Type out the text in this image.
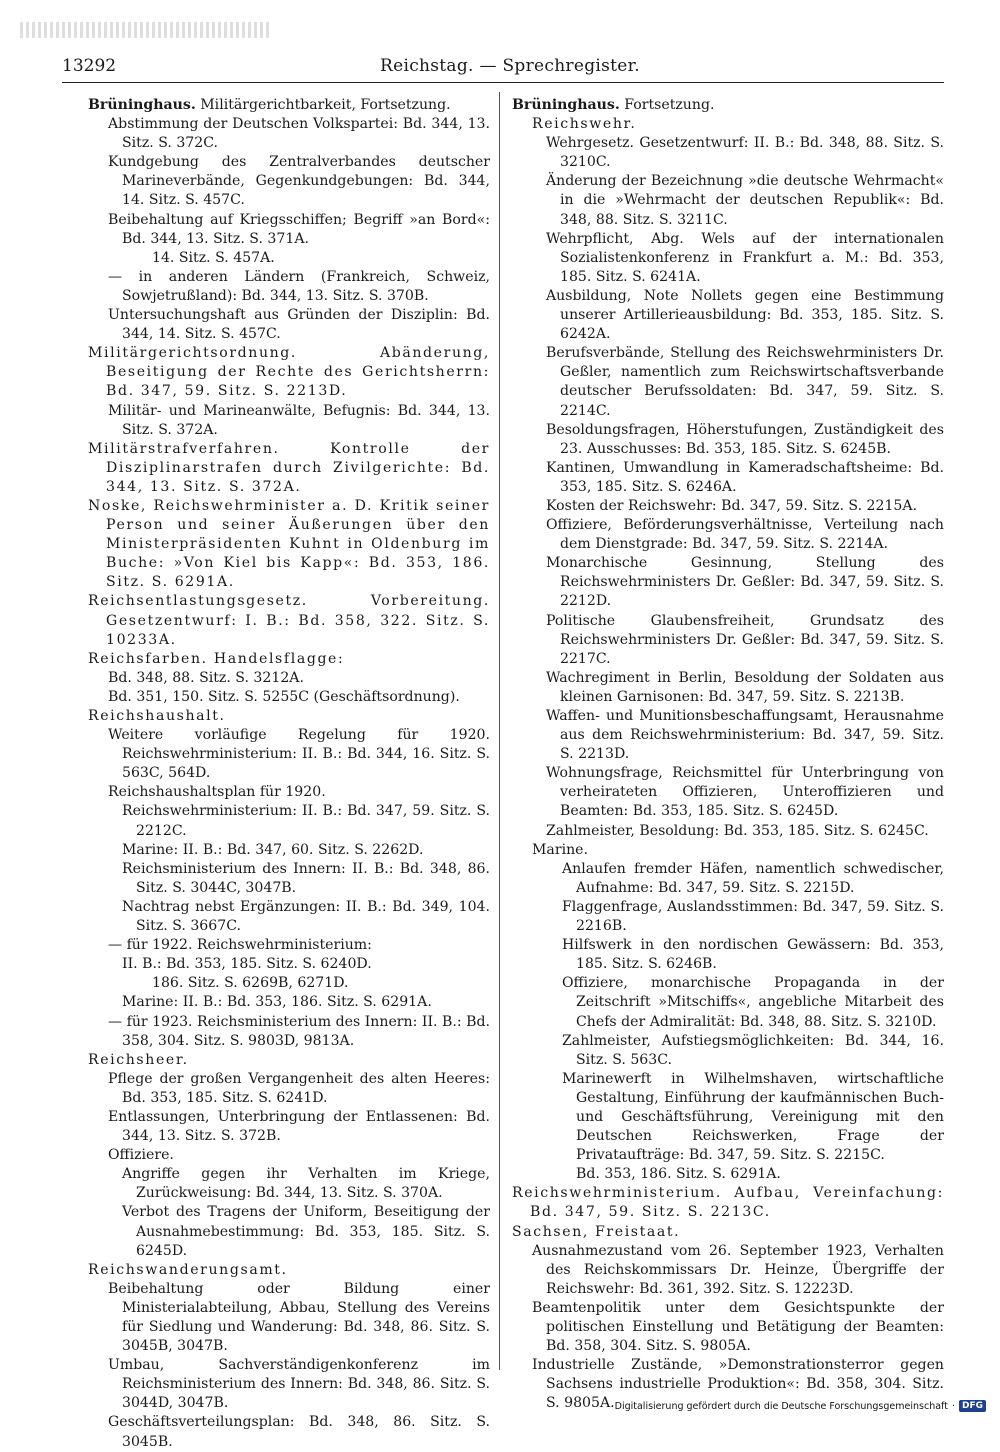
13292	Reichstag. — Sprechregister.

Brüninghaus. Militärgerichtbarkeit, Fortsetzung.

Abstimmung der Deutschen Volkspartei: Bd. 344, 13. Sitz. S. 372C.

Kundgebung des Zentralverbandes deutscher Marineverbände, Gegenkundgebungen: Bd. 344, 14. Sitz. S. 457C.

Beibehaltung auf Kriegsschiffen; Begriff »an Bord«: Bd. 344, 13. Sitz. S. 371A.

14. Sitz. S. 457A.

— in anderen Ländern (Frankreich, Schweiz, Sowjetrußland): Bd. 344, 13. Sitz. S. 370B.

Untersuchungshaft aus Gründen der Disziplin: Bd. 344, 14. Sitz. S. 457C.

Militärgerichtsordnung. Abänderung, Beseitigung der Rechte des Gerichtsherrn: Bd. 347, 59. Sitz. S. 2213D.

Militär- und Marineanwälte, Befugnis: Bd. 344, 13. Sitz. S. 372A.

Militärstrafverfahren. Kontrolle der Disziplinarstrafen durch Zivilgerichte: Bd. 344, 13. Sitz. S. 372A.

Noske, Reichswehrminister a. D. Kritik seiner Person und seiner Äußerungen über den Ministerpräsidenten Kuhnt in Oldenburg im Buche: »Von Kiel bis Kapp«: Bd. 353, 186. Sitz. S. 6291A.

Reichsentlastungsgesetz. Vorbereitung. Gesetzentwurf: I. B.: Bd. 358, 322. Sitz. S. 10233A.

Reichsfarben. Handelsflagge:

Bd. 348, 88. Sitz. S. 3212A.

Bd. 351, 150. Sitz. S. 5255C (Geschäftsordnung).

Reichshaushalt.

Weitere vorläufige Regelung für 1920. Reichswehrministerium: II. B.: Bd. 344, 16. Sitz. S. 563C, 564D.

Reichshaushaltsplan für 1920.

Reichswehrministerium: II. B.: Bd. 347, 59. Sitz. S. 2212C.

Marine: II. B.: Bd. 347, 60. Sitz. S. 2262D.

Reichsministerium des Innern: II. B.: Bd. 348, 86. Sitz. S. 3044C, 3047B.

Nachtrag nebst Ergänzungen: II. B.: Bd. 349, 104. Sitz. S. 3667C.

— für 1922. Reichswehrministerium:

II. B.: Bd. 353, 185. Sitz. S. 6240D.

186. Sitz. S. 6269B, 6271D.

Marine: II. B.: Bd. 353, 186. Sitz. S. 6291A.

— für 1923. Reichsministerium des Innern: II. B.: Bd. 358, 304. Sitz. S. 9803D, 9813A.

Reichsheer.

Pflege der großen Vergangenheit des alten Heeres: Bd. 353, 185. Sitz. S. 6241D.

Entlassungen, Unterbringung der Entlassenen: Bd. 344, 13. Sitz. S. 372B.

Offiziere.

Angriffe gegen ihr Verhalten im Kriege, Zurückweisung: Bd. 344, 13. Sitz. S. 370A.

Verbot des Tragens der Uniform, Beseitigung der Ausnahmebestimmung: Bd. 353, 185. Sitz. S. 6245D.

Reichswanderungsamt.

Beibehaltung oder Bildung einer Ministerialabteilung, Abbau, Stellung des Vereins für Siedlung und Wanderung: Bd. 348, 86. Sitz. S. 3045B, 3047B.

Umbau, Sachverständigenkonferenz im Reichsministerium des Innern: Bd. 348, 86. Sitz. S. 3044D, 3047B.

Geschäftsverteilungsplan: Bd. 348, 86. Sitz. S. 3045B.

Brüninghaus. Fortsetzung.

Reichswehr.

Wehrgesetz. Gesetzentwurf: II. B.: Bd. 348, 88. Sitz. S. 3210C.

Änderung der Bezeichnung »die deutsche Wehrmacht« in die »Wehrmacht der deutschen Republik«: Bd. 348, 88. Sitz. S. 3211C.

Wehrpflicht, Abg. Wels auf der internationalen Sozialistenkonferenz in Frankfurt a. M.: Bd. 353, 185. Sitz. S. 6241A.

Ausbildung, Note Nollets gegen eine Bestimmung unserer Artillerieausbildung: Bd. 353, 185. Sitz. S. 6242A.

Berufsverbände, Stellung des Reichswehrministers Dr. Geßler, namentlich zum Reichswirtschaftsverbande deutscher Berufssoldaten: Bd. 347, 59. Sitz. S. 2214C.

Besoldungsfragen, Höherstufungen, Zuständigkeit des 23. Ausschusses: Bd. 353, 185. Sitz. S. 6245B.

Kantinen, Umwandlung in Kameradschaftsheime: Bd. 353, 185. Sitz. S. 6246A.

Kosten der Reichswehr: Bd. 347, 59. Sitz. S. 2215A.

Offiziere, Beförderungsverhältnisse, Verteilung nach dem Dienstgrade: Bd. 347, 59. Sitz. S. 2214A.

Monarchische Gesinnung, Stellung des Reichswehrministers Dr. Geßler: Bd. 347, 59. Sitz. S. 2212D.

Politische Glaubensfreiheit, Grundsatz des Reichswehrministers Dr. Geßler: Bd. 347, 59. Sitz. S. 2217C.

Wachregiment in Berlin, Besoldung der Soldaten aus kleinen Garnisonen: Bd. 347, 59. Sitz. S. 2213B.

Waffen- und Munitionsbeschaffungsamt, Herausnahme aus dem Reichswehrministerium: Bd. 347, 59. Sitz. S. 2213D.

Wohnungsfrage, Reichsmittel für Unterbringung von verheirateten Offizieren, Unteroffizieren und Beamten: Bd. 353, 185. Sitz. S. 6245D.

Zahlmeister, Besoldung: Bd. 353, 185. Sitz. S. 6245C.

Marine.

Anlaufen fremder Häfen, namentlich schwedischer, Aufnahme: Bd. 347, 59. Sitz. S. 2215D.

Flaggenfrage, Auslandsstimmen: Bd. 347, 59. Sitz. S. 2216B.

Hilfswerk in den nordischen Gewässern: Bd. 353, 185. Sitz. S. 6246B.

Offiziere, monarchische Propaganda in der Zeitschrift »Mitschiffs«, angebliche Mitarbeit des Chefs der Admiralität: Bd. 348, 88. Sitz. S. 3210D.

Zahlmeister, Aufstiegsmöglichkeiten: Bd. 344, 16. Sitz. S. 563C.

Marinewerft in Wilhelmshaven, wirtschaftliche Gestaltung, Einführung der kaufmännischen Buch- und Geschäftsführung, Vereinigung mit den Deutschen Reichswerken, Frage der Privataufträge: Bd. 347, 59. Sitz. S. 2215C.

Bd. 353, 186. Sitz. S. 6291A.

Reichswehrministerium. Aufbau, Vereinfachung: Bd. 347, 59. Sitz. S. 2213C.

Sachsen, Freistaat.

Ausnahmezustand vom 26. September 1923, Verhalten des Reichskommissars Dr. Heinze, Übergriffe der Reichswehr: Bd. 361, 392. Sitz. S. 12223D.

Beamtenpolitik unter dem Gesichtspunkte der politischen Einstellung und Betätigung der Beamten: Bd. 358, 304. Sitz. S. 9805A.

Industrielle Zustände, »Demonstrationsterror gegen Sachsens industrielle Produktion«: Bd. 358, 304. Sitz. S. 9805A. Digitalisierung gefördert durch die Deutsche Forschungsgemeinschaft · DFG
